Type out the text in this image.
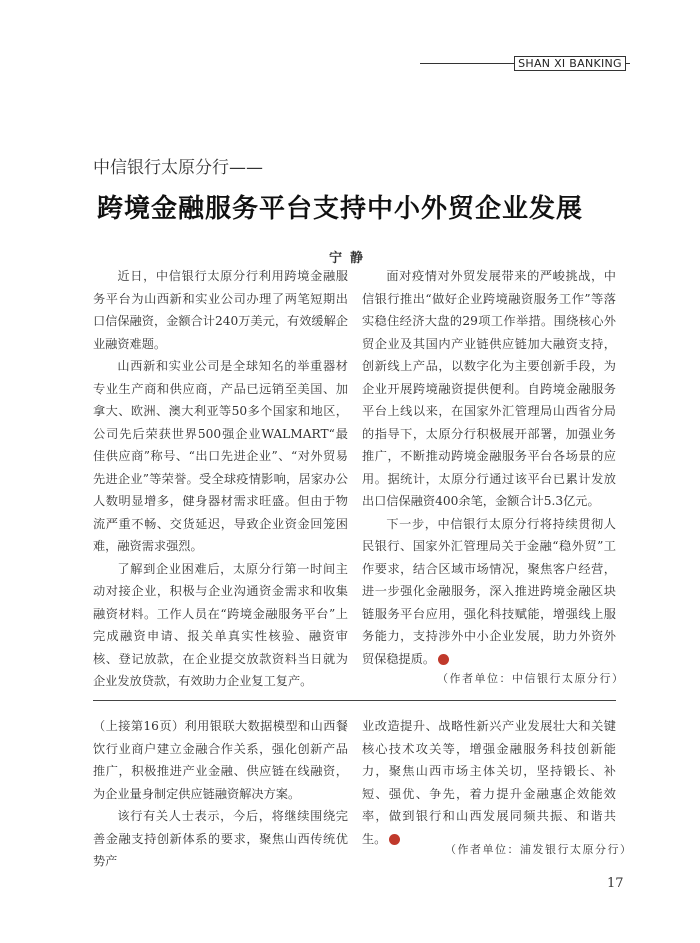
SHAN XI BANKING
中信银行太原分行——
跨境金融服务平台支持中小外贸企业发展
宁静

近日，中信银行太原分行利用跨境金融服务平台为山西新和实业公司办理了两笔短期出口信保融资，金额合计240万美元，有效缓解企业融资难题。

山西新和实业公司是全球知名的举重器材专业生产商和供应商，产品已远销至美国、加拿大、欧洲、澳大利亚等50多个国家和地区，公司先后荣获世界500强企业WALMART“最佳供应商”称号、“出口先进企业”、“对外贸易先进企业”等荣誉。受全球疫情影响，居家办公人数明显增多，健身器材需求旺盛。但由于物流严重不畅、交货延迟，导致企业资金回笼困难，融资需求强烈。

了解到企业困难后，太原分行第一时间主动对接企业，积极与企业沟通资金需求和收集融资材料。工作人员在“跨境金融服务平台”上完成融资申请、报关单真实性核验、融资审核、登记放款，在企业提交放款资料当日就为企业发放贷款，有效助力企业复工复产。

面对疫情对外贸发展带来的严峻挑战，中信银行推出“做好企业跨境融资服务工作”等落实稳住经济大盘的29项工作举措。围绕核心外贸企业及其国内产业链供应链加大融资支持，创新线上产品，以数字化为主要创新手段，为企业开展跨境融资提供便利。自跨境金融服务平台上线以来，在国家外汇管理局山西省分局的指导下，太原分行积极展开部署，加强业务推广，不断推动跨境金融服务平台各场景的应用。据统计，太原分行通过该平台已累计发放出口信保融资400余笔，金额合计5.3亿元。

下一步，中信银行太原分行将持续贯彻人民银行、国家外汇管理局关于金融“稳外贸”工作要求，结合区域市场情况，聚焦客户经营，进一步强化金融服务，深入推进跨境金融区块链服务平台应用，强化科技赋能，增强线上服务能力，支持涉外中小企业发展，助力外资外贸保稳提质。

（作者单位：中信银行太原分行）

（上接第16页）利用银联大数据模型和山西餐饮行业商户建立金融合作关系，强化创新产品推广，积极推进产业金融、供应链在线融资，为企业量身制定供应链融资解决方案。

该行有关人士表示，今后，将继续围绕完善金融支持创新体系的要求，聚焦山西传统优势产

业改造提升、战略性新兴产业发展壮大和关键核心技术攻关等，增强金融服务科技创新能力，聚焦山西市场主体关切，坚持锻长、补短、强优、争先，着力提升金融惠企效能效率，做到银行和山西发展同频共振、和谐共生。

（作者单位：浦发银行太原分行）
17
